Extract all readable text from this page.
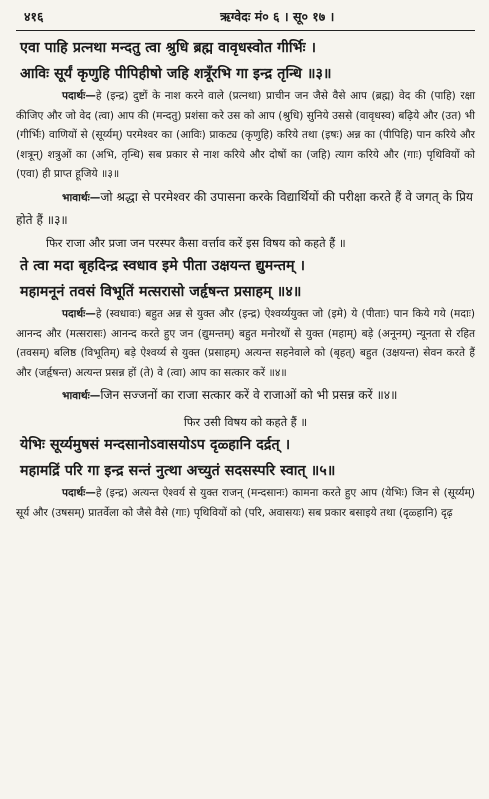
४१६	ऋग्वेदः मं० ६ । सू० १७ ।
एवा पाहि प्रत्नथा मन्दतु त्वा श्रुधि ब्रह्म वावृधस्वोत गीर्भिः ।
आविः सूर्यं कृणुहि पीपिहीषो जहि शत्रूँरभि गा इन्द्र तृन्धि ॥३॥

पदार्थः—हे (इन्द्र) दुष्टों के नाश करने वाले (प्रत्नथा) प्राचीन जन जैसे वैसे आप (ब्रह्म) वेद की (पाहि) रक्षा कीजिए और जो वेद (त्वा) आप की (मन्दतु) प्रशंसा करे उस को आप (श्रुधि) सुनिये उससे (वावृधस्व) बढ़िये और (उत) भी (गीर्भिः) वाणियों से (सूर्य्यम्) परमेश्वर का (आविः) प्राकट्य (कृणुहि) करिये तथा (इषः) अन्न का (पीपिहि) पान करिये और (शत्रून्) शत्रुओं का (अभि, तृन्धि) सब प्रकार से नाश करिये और दोषों का (जहि) त्याग करिये और (गाः) पृथिवियों को (एवा) ही प्राप्त हूजिये ॥३॥

भावार्थः—जो श्रद्धा से परमेश्वर की उपासना करके विद्यार्थियों की परीक्षा करते हैं वे जगत् के प्रिय होते हैं ॥३॥

फिर राजा और प्रजा जन परस्पर कैसा वर्त्ताव करें इस विषय को कहते हैं ॥

ते त्वा मदा बृहदिन्द्र स्वधाव इमे पीता उक्षयन्त द्युमन्तम् ।
महामनूनं तवसं विभूतिं मत्सरासो जर्हृषन्त प्रसाहम् ॥४॥

पदार्थः—हे (स्वधावः) बहुत अन्न से युक्त और (इन्द्र) ऐश्वर्य्ययुक्त जो (इमे) ये (पीताः) पान किये गये (मदाः) आनन्द और (मत्सरासः) आनन्द करते हुए जन (द्युमन्तम्) बहुत मनोरथों से युक्त (महाम्) बड़े (अनूनम्) न्यूनता से रहित (तवसम्) बलिष्ठ (विभूतिम्) बड़े ऐश्वर्य्य से युक्त (प्रसाहम्) अत्यन्त सहनेवाले को (बृहत्) बहुत (उक्षयन्त) सेवन करते हैं और (जर्हृषन्त) अत्यन्त प्रसन्न हों (ते) वे (त्वा) आप का सत्कार करें ॥४॥

भावार्थः—जिन सज्जनों का राजा सत्कार करें वे राजाओं को भी प्रसन्न करें ॥४॥

फिर उसी विषय को कहते हैं ॥

येभिः सूर्य्यमुषसं मन्दसानोऽवासयोऽप दृळ्हानि दर्द्रत् ।
महामद्रिं परि गा इन्द्र सन्तं नुत्था अच्युतं सदसस्परि स्वात् ॥५॥

पदार्थः—हे (इन्द्र) अत्यन्त ऐश्वर्य से युक्त राजन् (मन्दसानः) कामना करते हुए आप (येभिः) जिन से (सूर्य्यम्) सूर्य और (उषसम्) प्रातर्वेला को जैसे वैसे (गाः) पृथिवियों को (परि, अवासयः) सब प्रकार बसाइये तथा (दृळ्हानि) दृढ़
